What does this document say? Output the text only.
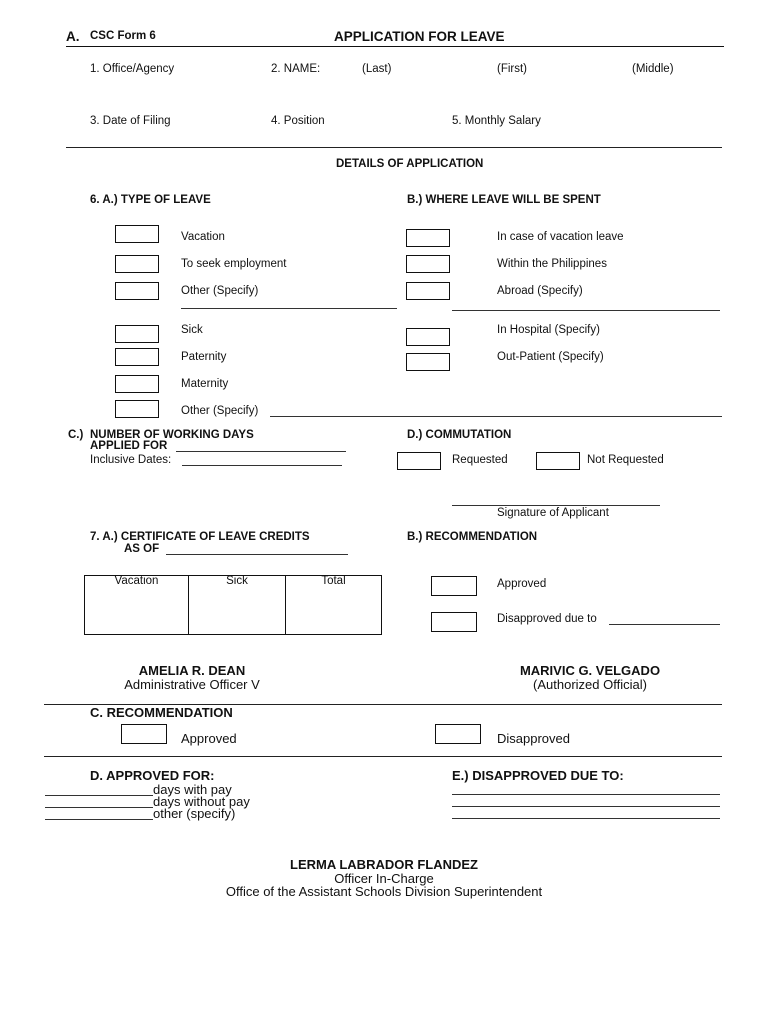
A. CSC Form 6	APPLICATION FOR LEAVE
1. Office/Agency	2. NAME:	(Last)	(First)	(Middle)
3. Date of Filing	4. Position	5. Monthly Salary
DETAILS OF APPLICATION
6. A.) TYPE OF LEAVE	B.) WHERE LEAVE WILL BE SPENT
Vacation
To seek employment
Other (Specify)
Sick
Paternity
Maternity
Other (Specify)
In case of vacation leave
Within the Philippines
Abroad (Specify)
In Hospital (Specify)
Out-Patient (Specify)
C.) NUMBER OF WORKING DAYS
APPLIED FOR
Inclusive Dates:
D.) COMMUTATION
Requested	Not Requested
Signature of Applicant
7. A.) CERTIFICATE OF LEAVE CREDITS
AS OF
Vacation	Sick	Total
B.) RECOMMENDATION
Approved
Disapproved due to
AMELIA R. DEAN
Administrative Officer V
MARIVIC G. VELGADO
(Authorized Official)
C. RECOMMENDATION
Approved	Disapproved
D. APPROVED FOR:
days with pay
days without pay
other (specify)
E.) DISAPPROVED DUE TO:
LERMA LABRADOR FLANDEZ
Officer In-Charge
Office of the Assistant Schools Division Superintendent
